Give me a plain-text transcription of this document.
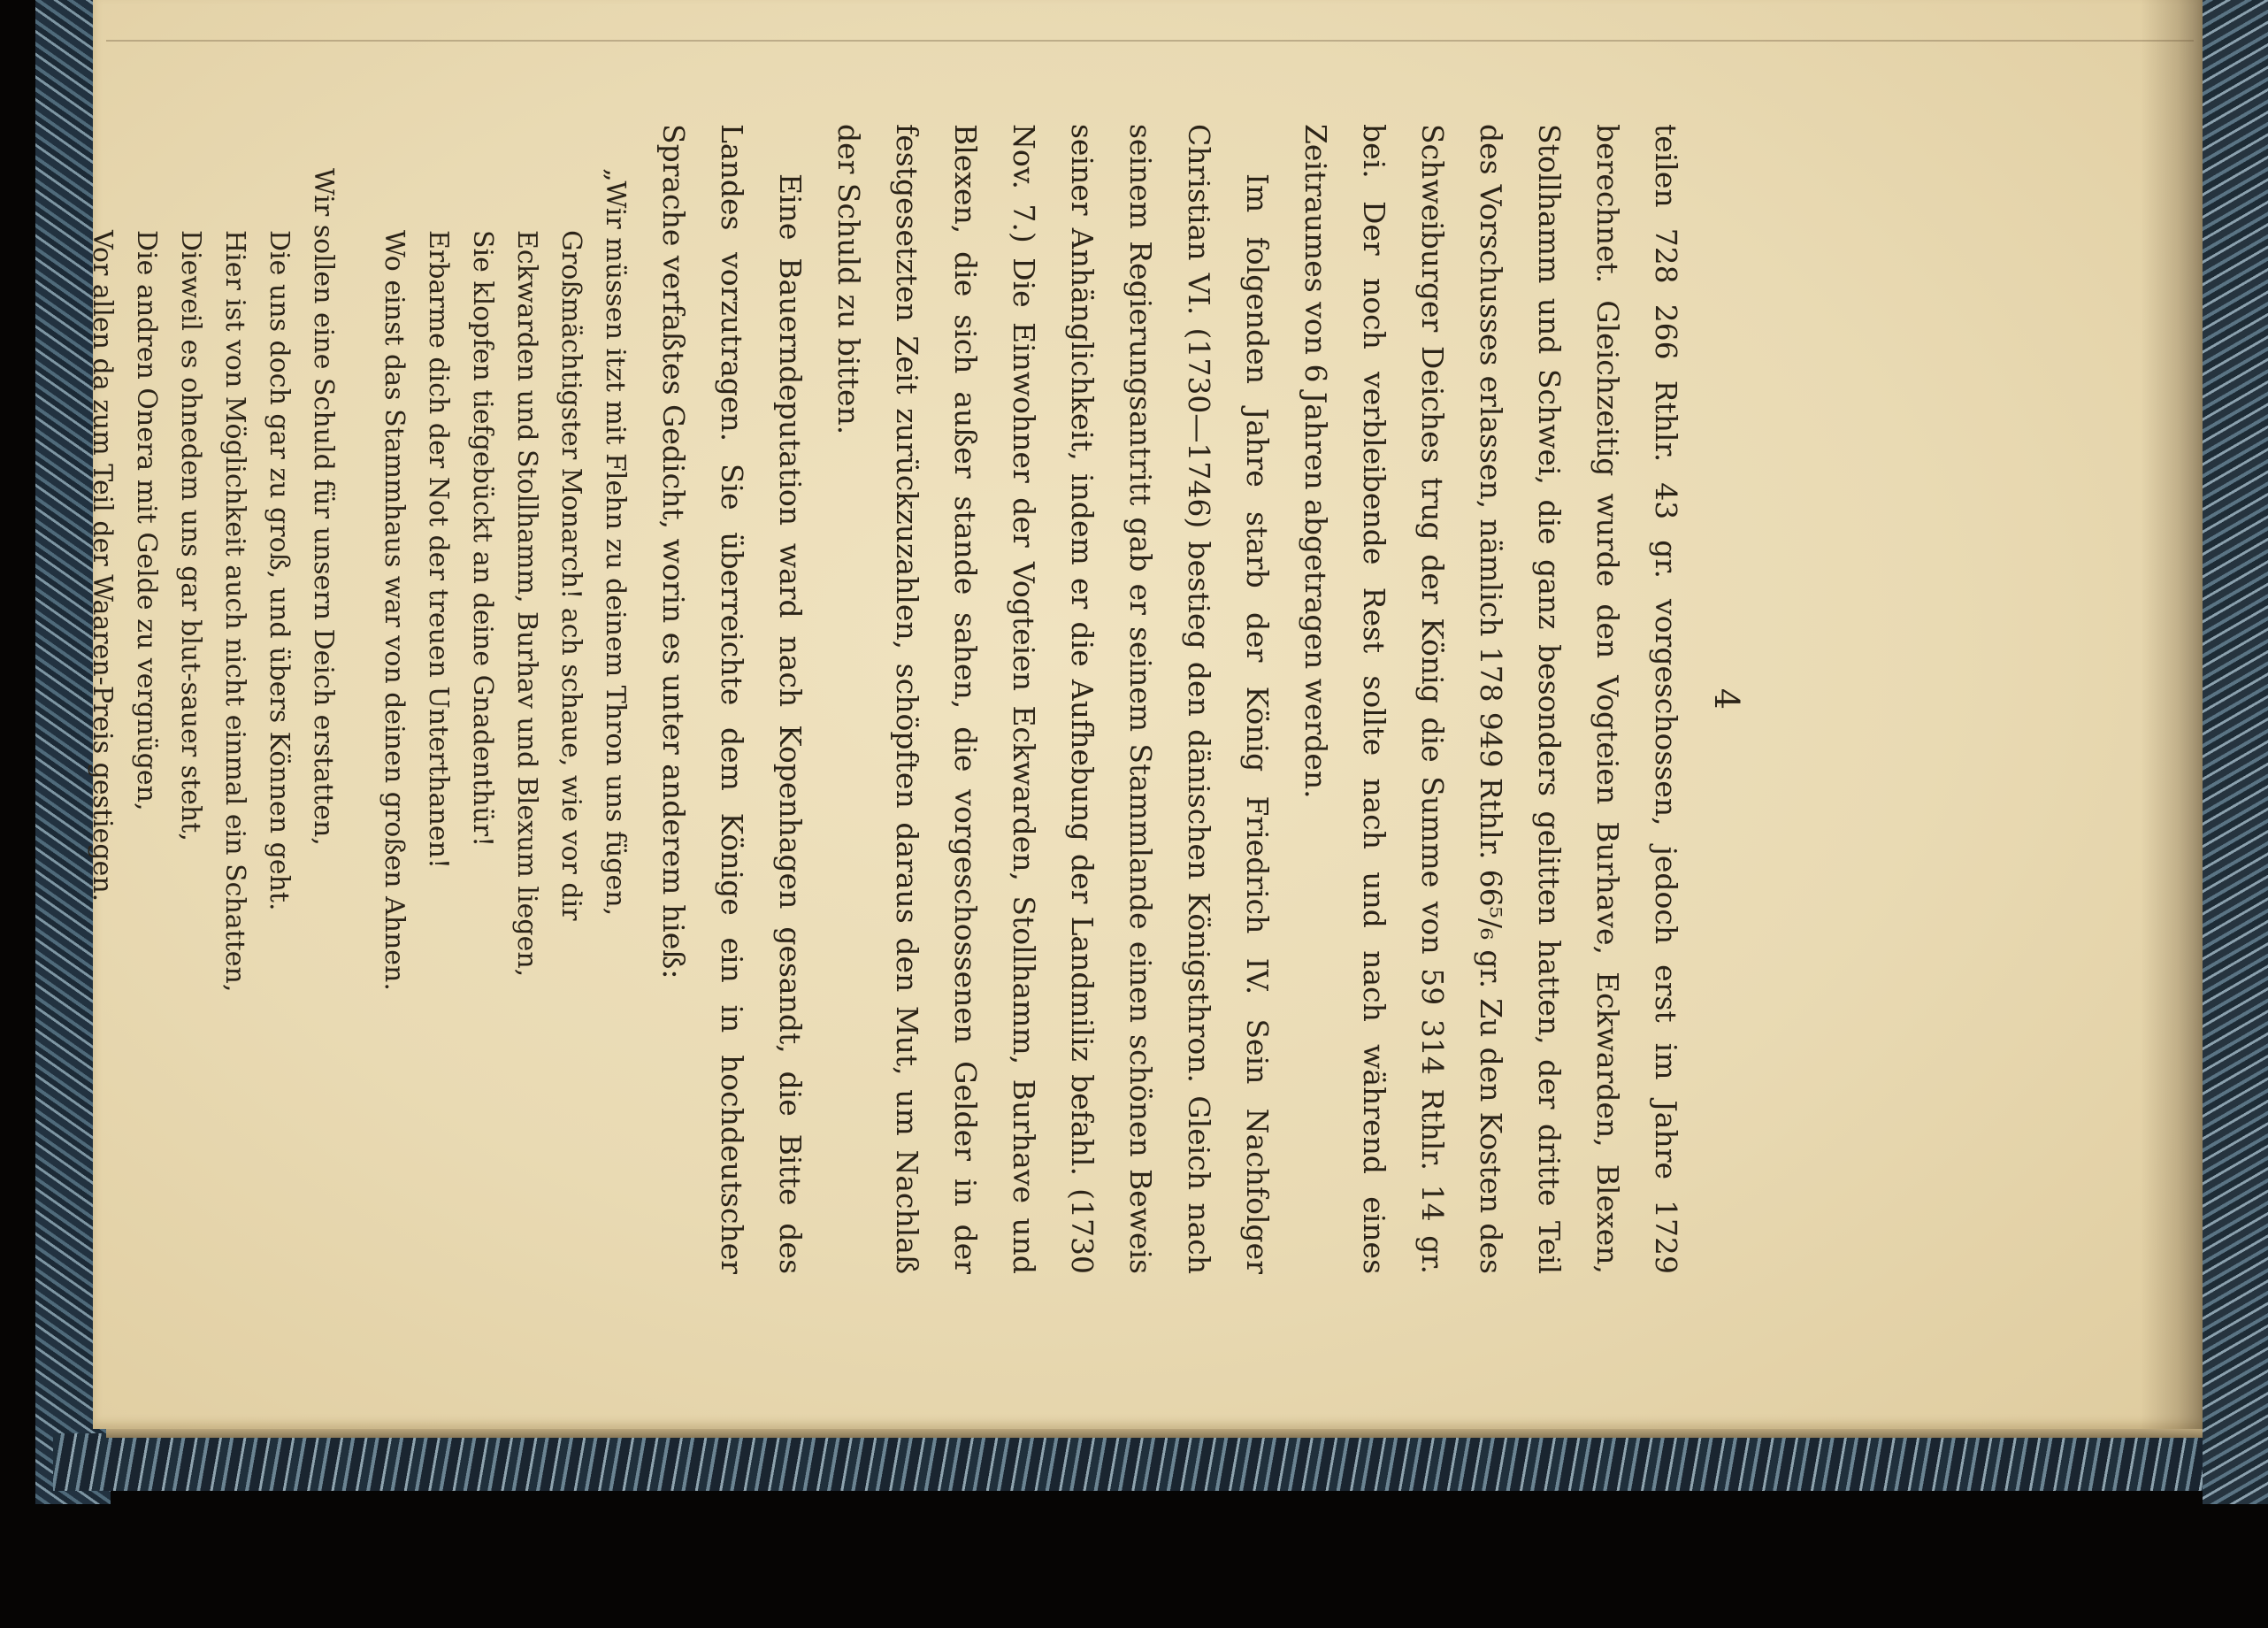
4

teilen 728 266 Rthlr. 43 gr. vorgeschossen, jedoch erst im Jahre 1729 berechnet. Gleichzeitig wurde den Vogteien Burhave, Eckwarden, Blexen, Stollhamm und Schwei, die ganz besonders gelitten hatten, der dritte Teil des Vorschusses erlassen, nämlich 178 949 Rthlr. 66⁵/₆ gr. Zu den Kosten des Schweiburger Deiches trug der König die Summe von 59 314 Rthlr. 14 gr. bei. Der noch verbleibende Rest sollte nach und nach während eines Zeitraumes von 6 Jahren abgetragen werden.

Im folgenden Jahre starb der König Friedrich IV. Sein Nachfolger Christian VI. (1730—1746) bestieg den dänischen Königsthron. Gleich nach seinem Regierungsantritt gab er seinem Stammlande einen schönen Beweis seiner Anhänglichkeit, indem er die Aufhebung der Landmiliz befahl. (1730 Nov. 7.) Die Einwohner der Vogteien Eckwarden, Stollhamm, Burhave und Blexen, die sich außer stande sahen, die vorgeschossenen Gelder in der festgesetzten Zeit zurückzuzahlen, schöpften daraus den Mut, um Nachlaß der Schuld zu bitten.

Eine Bauerndeputation ward nach Kopenhagen gesandt, die Bitte des Landes vorzutragen. Sie überreichte dem Könige ein in hochdeutscher Sprache verfaßtes Gedicht, worin es unter anderem hieß:

„Wir müssen itzt mit Flehn zu deinem Thron uns fügen,
Großmächtigster Monarch! ach schaue, wie vor dir
Eckwarden und Stollhamm, Burhav und Blexum liegen,
Sie klopfen tiefgebückt an deine Gnadenthür!
Erbarme dich der Not der treuen Unterthanen!
Wo einst das Stammhaus war von deinen großen Ahnen.
Wir sollen eine Schuld für unsern Deich erstatten,
Die uns doch gar zu groß, und übers Können geht.
Hier ist von Möglichkeit auch nicht einmal ein Schatten,
Dieweil es ohnedem uns gar blut-sauer steht,
Die andren Onera mit Gelde zu vergnügen,
Vor allen da zum Teil der Waaren-Preis gestiegen.
